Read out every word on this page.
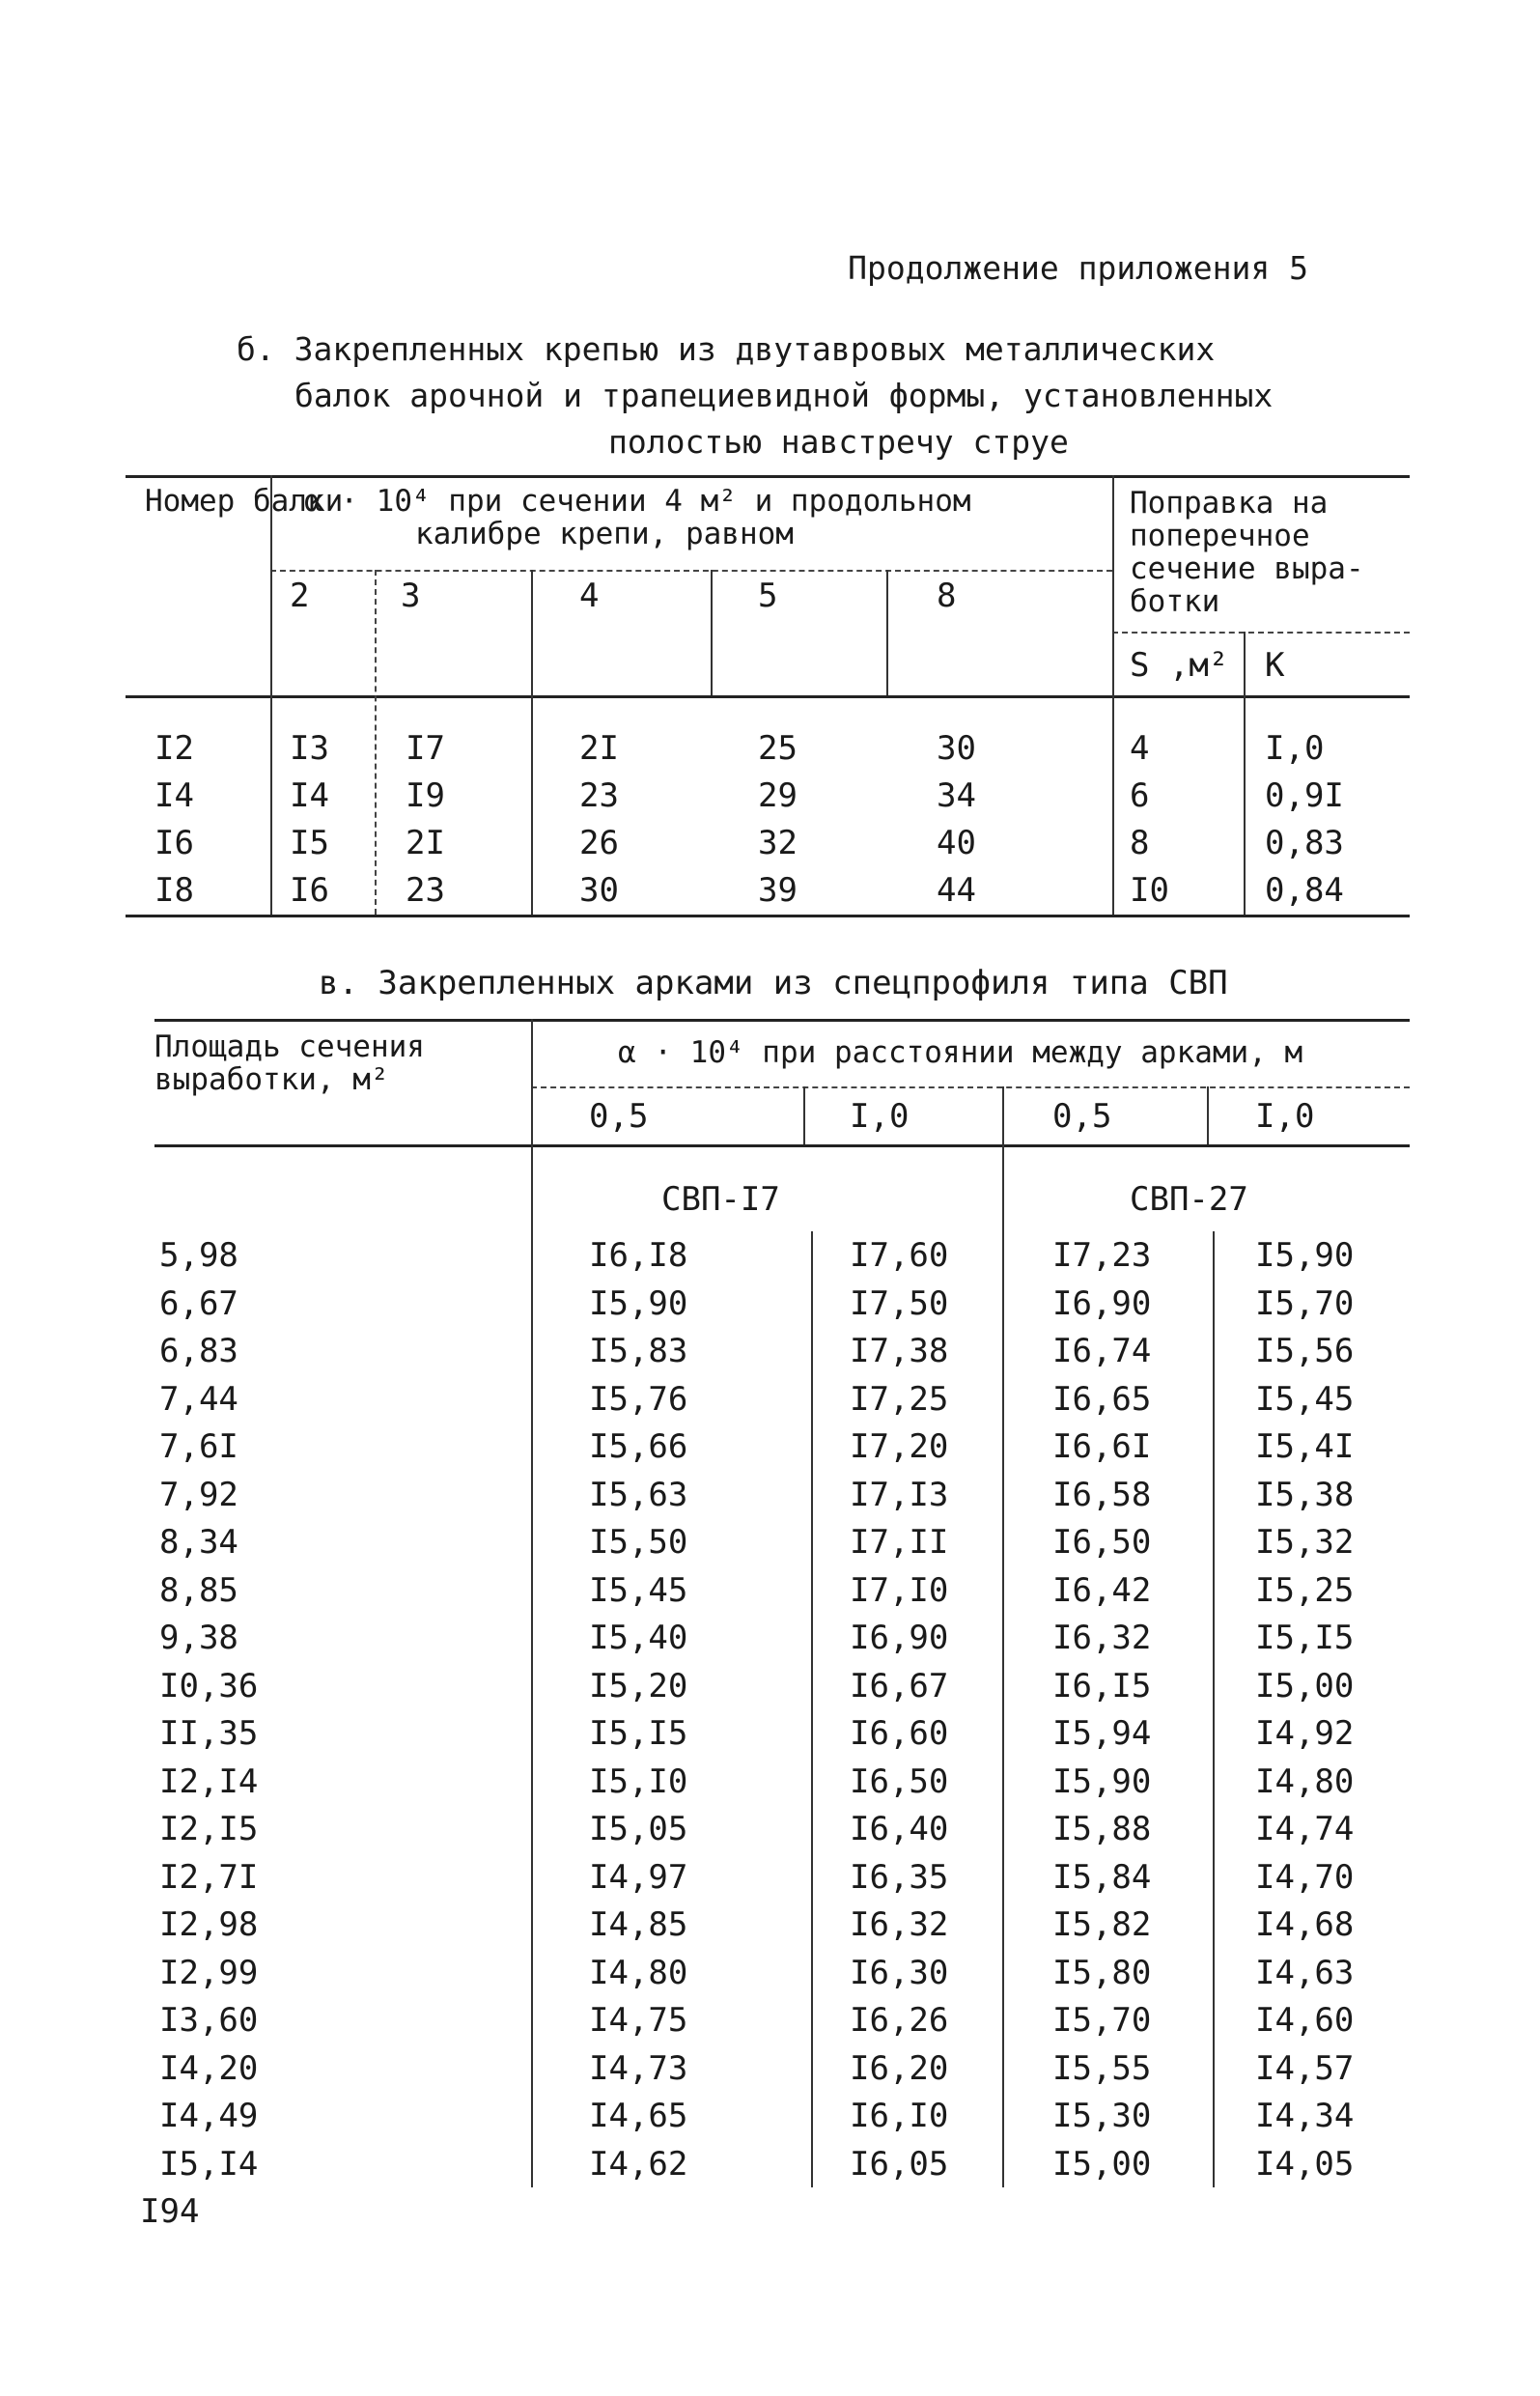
Продолжение приложения 5
б. Закрепленных крепью из двутавровых металлических
балок арочной и трапециевидной формы, установленных
полостью навстречу струе
Номер балки
α · 10⁴ при сечении 4 м² и продольном
калибре крепи, равном
Поправка на
поперечное
сечение выра-
ботки
2	3	4	5	8
S ,м² К
I2	I3 I7	2I	25	30	4	I,0
I4	I4 I9	23	29	34	6	0,9I
I6	I5 2I	26	32	40	8	0,83
I8	I6 23	30	39	44	I0	0,84
в. Закрепленных арками из спецпрофиля типа СВП
Площадь сечения
выработки, м²
α · 10⁴ при расстоянии между арками, м
0,5	I,0	0,5	I,0
СВП-I7	СВП-27
5,98	I6,I8	I7,60	I7,23	I5,90
6,67	I5,90	I7,50	I6,90	I5,70
6,83	I5,83	I7,38	I6,74	I5,56
7,44	I5,76	I7,25	I6,65	I5,45
7,6I	I5,66	I7,20	I6,6I	I5,4I
7,92	I5,63	I7,I3	I6,58	I5,38
8,34	I5,50	I7,II	I6,50	I5,32
8,85	I5,45	I7,I0	I6,42	I5,25
9,38	I5,40	I6,90	I6,32	I5,I5
I0,36	I5,20	I6,67	I6,I5	I5,00
II,35	I5,I5	I6,60	I5,94	I4,92
I2,I4	I5,I0	I6,50	I5,90	I4,80
I2,I5	I5,05	I6,40	I5,88	I4,74
I2,7I	I4,97	I6,35	I5,84	I4,70
I2,98	I4,85	I6,32	I5,82	I4,68
I2,99	I4,80	I6,30	I5,80	I4,63
I3,60	I4,75	I6,26	I5,70	I4,60
I4,20	I4,73	I6,20	I5,55	I4,57
I4,49	I4,65	I6,I0	I5,30	I4,34
I5,I4	I4,62	I6,05	I5,00	I4,05
I94
